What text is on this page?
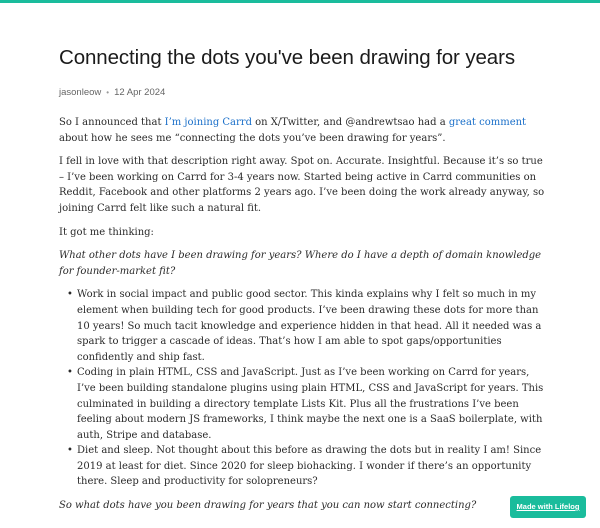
Connecting the dots you've been drawing for years
jasonleow • 12 Apr 2024

So I announced that I’m joining Carrd on X/Twitter, and @andrewtsao had a great comment about how he sees me “connecting the dots you’ve been drawing for years”.

I fell in love with that description right away. Spot on. Accurate. Insightful. Because it’s so true – I’ve been working on Carrd for 3-4 years now. Started being active in Carrd communities on Reddit, Facebook and other platforms 2 years ago. I’ve been doing the work already anyway, so joining Carrd felt like such a natural fit.

It got me thinking:

What other dots have I been drawing for years? Where do I have a depth of domain knowledge for founder-market fit?

• Work in social impact and public good sector. This kinda explains why I felt so much in my element when building tech for good products. I’ve been drawing these dots for more than 10 years! So much tacit knowledge and experience hidden in that head. All it needed was a spark to trigger a cascade of ideas. That’s how I am able to spot gaps/opportunities confidently and ship fast.
• Coding in plain HTML, CSS and JavaScript. Just as I’ve been working on Carrd for years, I’ve been building standalone plugins using plain HTML, CSS and JavaScript for years. This culminated in building a directory template Lists Kit. Plus all the frustrations I’ve been feeling about modern JS frameworks, I think maybe the next one is a SaaS boilerplate, with auth, Stripe and database.
• Diet and sleep. Not thought about this before as drawing the dots but in reality I am! Since 2019 at least for diet. Since 2020 for sleep biohacking. I wonder if there’s an opportunity there. Sleep and productivity for solopreneurs?

So what dots have you been drawing for years that you can now start connecting?	Made with Lifelog
